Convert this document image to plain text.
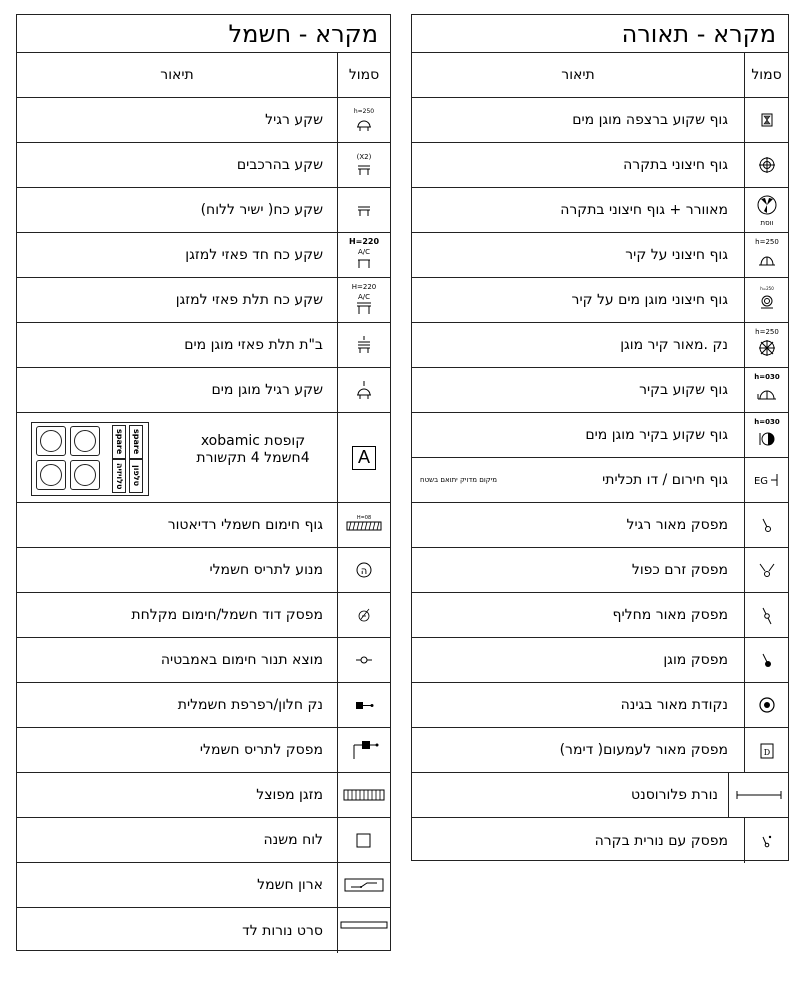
מקרא - חשמל
סמול
תיאור
h=250
שקע רגיל
(X2)
שקע בהרכבים
שקע כח( ישיר ללוח)
H=220
A/C
שקע כח חד פאזי למזגן
H=220
A/C
שקע כח תלת פאזי למזגן
ב"ת תלת פאזי מוגן מים
שקע רגיל מוגן מים
A
קופסת xobamic
4חשמל 4 תקשורת
spare	spare
טלויזיה	טלפון
H=08
גוף חימום חשמלי רדיאטור
ה
מנוע לתריס חשמלי
מפסק דוד חשמל/חימום מקלחת
מוצא תנור חימום באמבטיה
נק חלון/רפרפת חשמלית
מפסק לתריס חשמלי
מזגן מפוצל
לוח משנה
ארון חשמל
סרט נורות לד
מקרא - תאורה
סמול
תיאור
גוף שקוע ברצפה מוגן מים
גוף חיצוני בתקרה
ווסת
מאוורר + גוף חיצוני בתקרה
h=250
גוף חיצוני על קיר
h=250
גוף חיצוני מוגן מים על קיר
h=250
נק .מאור קיר מוגן
h=030
גוף שקוע בקיר
h=030
גוף שקוע בקיר מוגן מים
EG
גוף חירום / דו תכליתי
מיקום מדויק יתואם בשטח
מפסק מאור רגיל
מפסק זרם כפול
מפסק מאור מחליף
מפסק מוגן
נקודת מאור בגינה
D
מפסק מאור לעמעום( דימר)
נורת פלורוסנט
מפסק עם נורית בקרה
